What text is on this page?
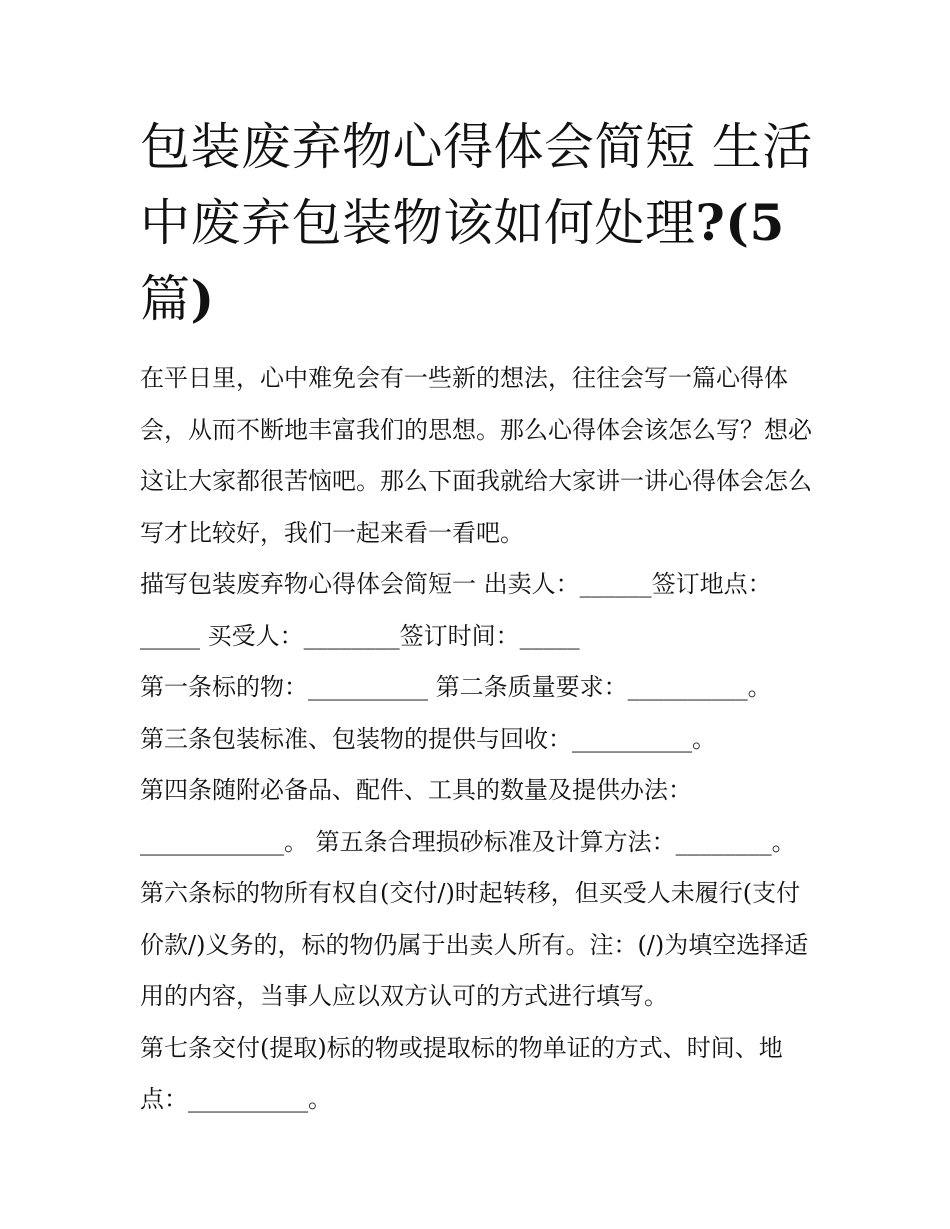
包装废弃物心得体会简短 生活中废弃包装物该如何处理?(5篇)

在平日里，心中难免会有一些新的想法，往往会写一篇心得体会，从而不断地丰富我们的思想。那么心得体会该怎么写？想必这让大家都很苦恼吧。那么下面我就给大家讲一讲心得体会怎么写才比较好，我们一起来看一看吧。

描写包装废弃物心得体会简短一 出卖人：______签订地点：_____ 买受人：________签订时间：_____

第一条标的物：__________ 第二条质量要求：__________。

第三条包装标准、包装物的提供与回收：__________。

第四条随附必备品、配件、工具的数量及提供办法：____________。 第五条合理损砂标准及计算方法：________。

第六条标的物所有权自(交付/)时起转移，但买受人未履行(支付价款/)义务的，标的物仍属于出卖人所有。注：(/)为填空选择适用的内容，当事人应以双方认可的方式进行填写。

第七条交付(提取)标的物或提取标的物单证的方式、时间、地点：__________。
